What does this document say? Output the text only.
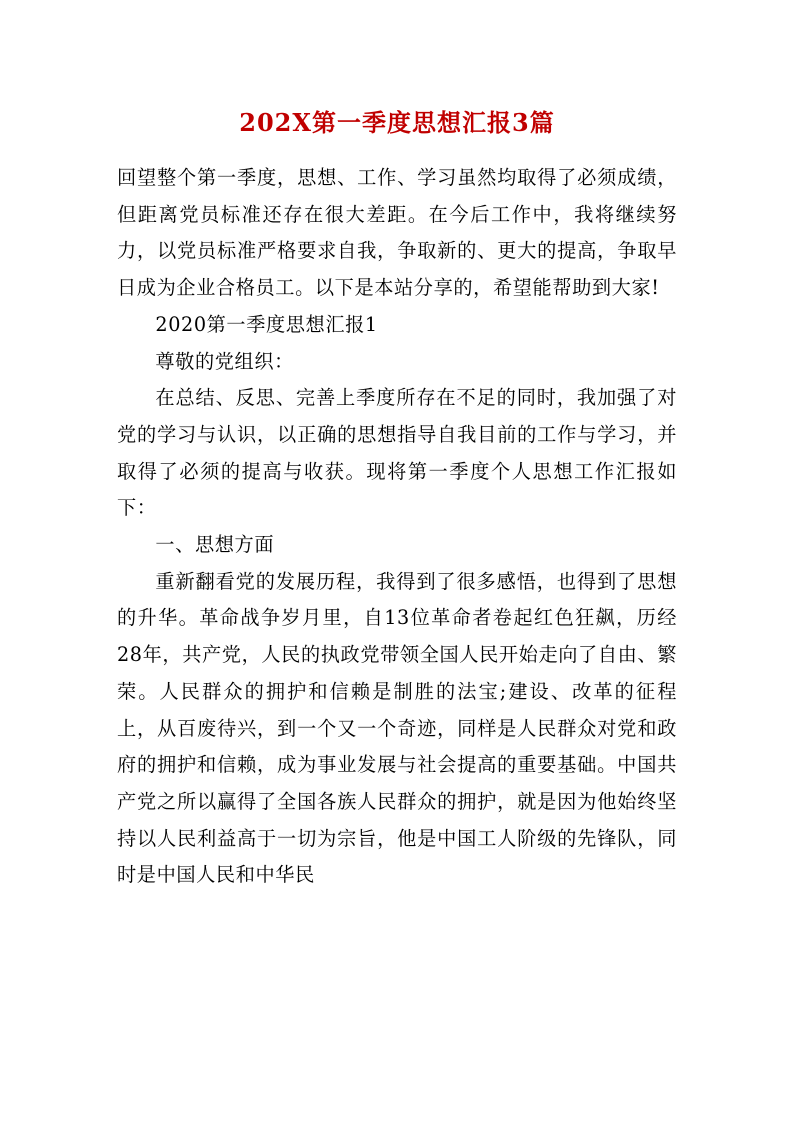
202X第一季度思想汇报3篇

回望整个第一季度，思想、工作、学习虽然均取得了必须成绩，但距离党员标准还存在很大差距。在今后工作中，我将继续努力，以党员标准严格要求自我，争取新的、更大的提高，争取早日成为企业合格员工。以下是本站分享的，希望能帮助到大家!

2020第一季度思想汇报1

尊敬的党组织：

在总结、反思、完善上季度所存在不足的同时，我加强了对党的学习与认识，以正确的思想指导自我目前的工作与学习，并取得了必须的提高与收获。现将第一季度个人思想工作汇报如下：

一、思想方面

重新翻看党的发展历程，我得到了很多感悟，也得到了思想的升华。革命战争岁月里，自13位革命者卷起红色狂飙，历经28年，共产党，人民的执政党带领全国人民开始走向了自由、繁荣。人民群众的拥护和信赖是制胜的法宝;建设、改革的征程上，从百废待兴，到一个又一个奇迹，同样是人民群众对党和政府的拥护和信赖，成为事业发展与社会提高的重要基础。中国共产党之所以赢得了全国各族人民群众的拥护，就是因为他始终坚持以人民利益高于一切为宗旨，他是中国工人阶级的先锋队，同时是中国人民和中华民
